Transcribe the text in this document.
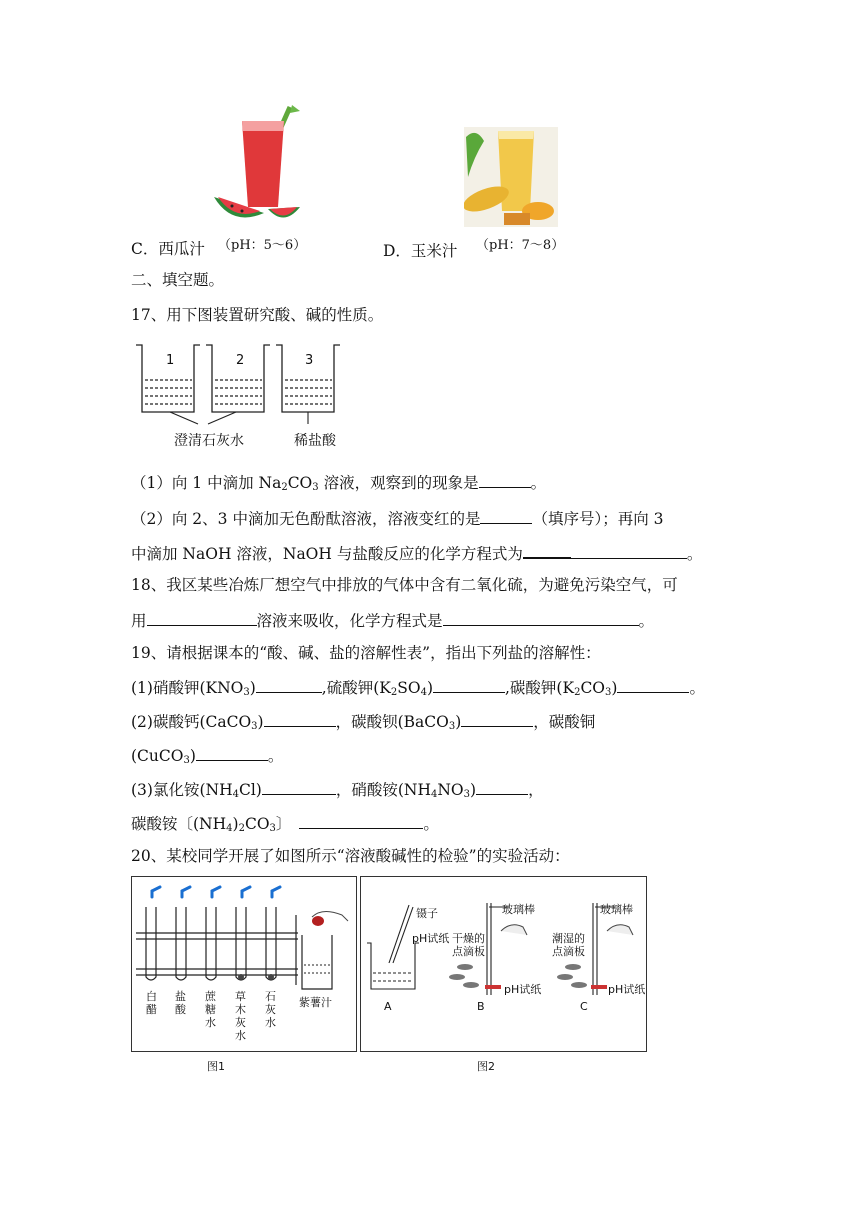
C．西瓜汁 （pH：5～6）	D．玉米汁 （pH：7～8）
二、填空题。
17、用下图装置研究酸、碱的性质。
1	2	3
澄清石灰水	稀盐酸
（1）向 1 中滴加 $Na_2CO_3$ 溶液，观察到的现象是	。
（2）向 2、3 中滴加无色酚酞溶液，溶液变红的是	（填序号）；再向 3
中滴加 NaOH 溶液，NaOH 与盐酸反应的化学方程式为	。
18、我区某些冶炼厂想空气中排放的气体中含有二氧化硫，为避免污染空气，可
用	溶液来吸收，化学方程式是	。
19、请根据课本的“酸、碱、盐的溶解性表”，指出下列盐的溶解性：
(1)硝酸钾$(KNO_3)$	,硫酸钾$(K_2SO_4)$	,碳酸钾$(K_2CO_3)$	。
(2)碳酸钙(CaCO$_3$)	，碳酸钡(BaCO$_3$)	，碳酸铜
(CuCO$_3$)	。
(3)氯化铵$(NH_4Cl)$	，硝酸铵$(NH_4NO_3)$	，
碳酸铵〔$(NH_4)_2CO_3$〕	。
20、某校同学开展了如图所示“溶液酸碱性的检验”的实验活动：
白醋
盐酸
蔗糖水
草木灰水
石灰水
紫薯汁
图1
镊子
pH试纸
玻璃棒
干燥的
点滴板
pH试纸
玻璃棒
潮湿的
点滴板
pH试纸
A	B	C
图2
